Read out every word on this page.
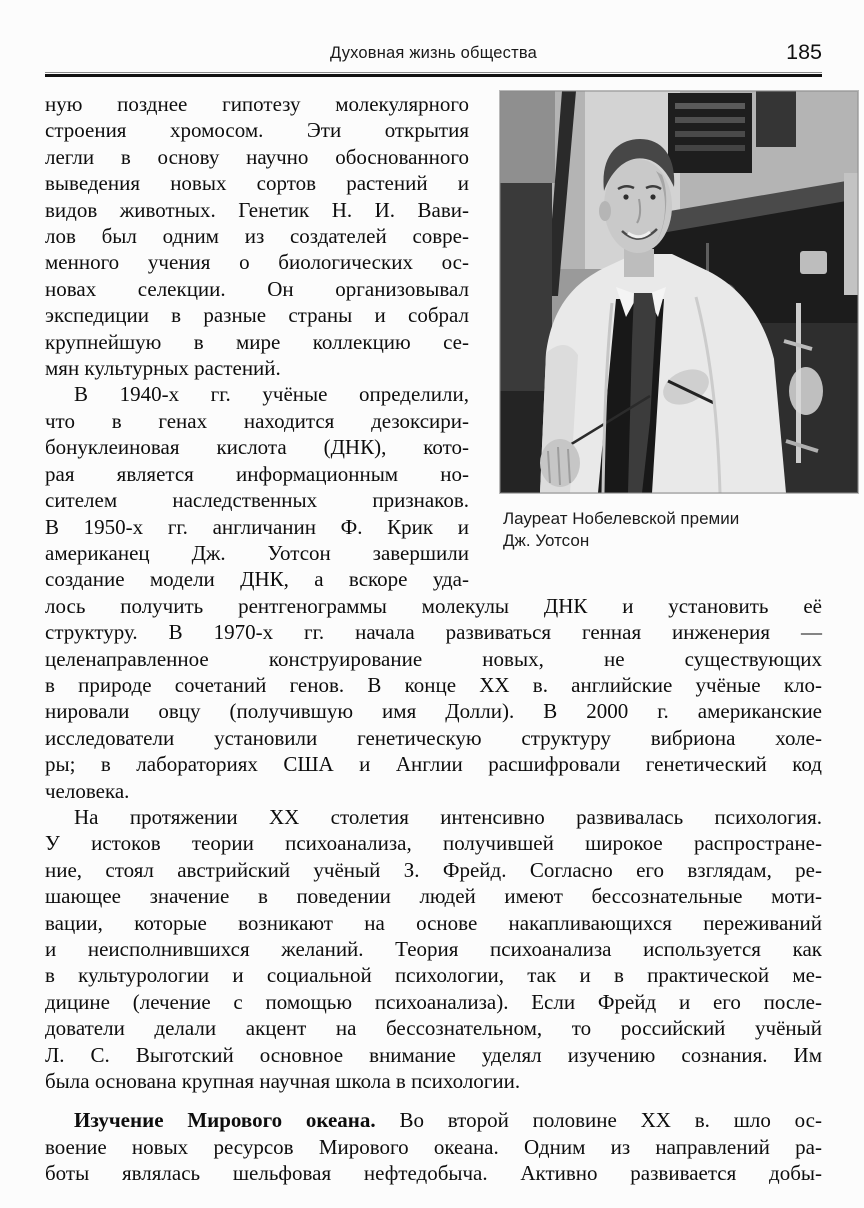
Духовная жизнь общества	185
ную позднее гипотезу молекулярного
строения хромосом. Эти открытия
легли в основу научно обоснованного
выведения новых сортов растений и
видов животных. Генетик Н. И. Вави-
лов был одним из создателей совре-
менного учения о биологических ос-
новах селекции. Он организовывал
экспедиции в разные страны и собрал
крупнейшую в мире коллекцию се-
мян культурных растений.
В 1940-х гг. учёные определили,
что в генах находится дезоксири-
бонуклеиновая кислота (ДНК), кото-
рая является информационным но-
сителем наследственных признаков.
В 1950-х гг. англичанин Ф. Крик и
американец Дж. Уотсон завершили
создание модели ДНК, а вскоре уда-
Лауреат Нобелевской премии
Дж. Уотсон
лось получить рентгенограммы молекулы ДНК и установить её
структуру. В 1970-х гг. начала развиваться генная инженерия —
целенаправленное конструирование новых, не существующих
в природе сочетаний генов. В конце XX в. английские учёные кло-
нировали овцу (получившую имя Долли). В 2000 г. американские
исследователи установили генетическую структуру вибриона холе-
ры; в лабораториях США и Англии расшифровали генетический код
человека.
На протяжении XX столетия интенсивно развивалась психология.
У истоков теории психоанализа, получившей широкое распростране-
ние, стоял австрийский учёный З. Фрейд. Согласно его взглядам, ре-
шающее значение в поведении людей имеют бессознательные моти-
вации, которые возникают на основе накапливающихся переживаний
и неисполнившихся желаний. Теория психоанализа используется как
в культурологии и социальной психологии, так и в практической ме-
дицине (лечение с помощью психоанализа). Если Фрейд и его после-
дователи делали акцент на бессознательном, то российский учёный
Л. С. Выготский основное внимание уделял изучению сознания. Им
была основана крупная научная школа в психологии.
Изучение Мирового океана. Во второй половине XX в. шло ос-
воение новых ресурсов Мирового океана. Одним из направлений ра-
боты являлась шельфовая нефтедобыча. Активно развивается добы-
